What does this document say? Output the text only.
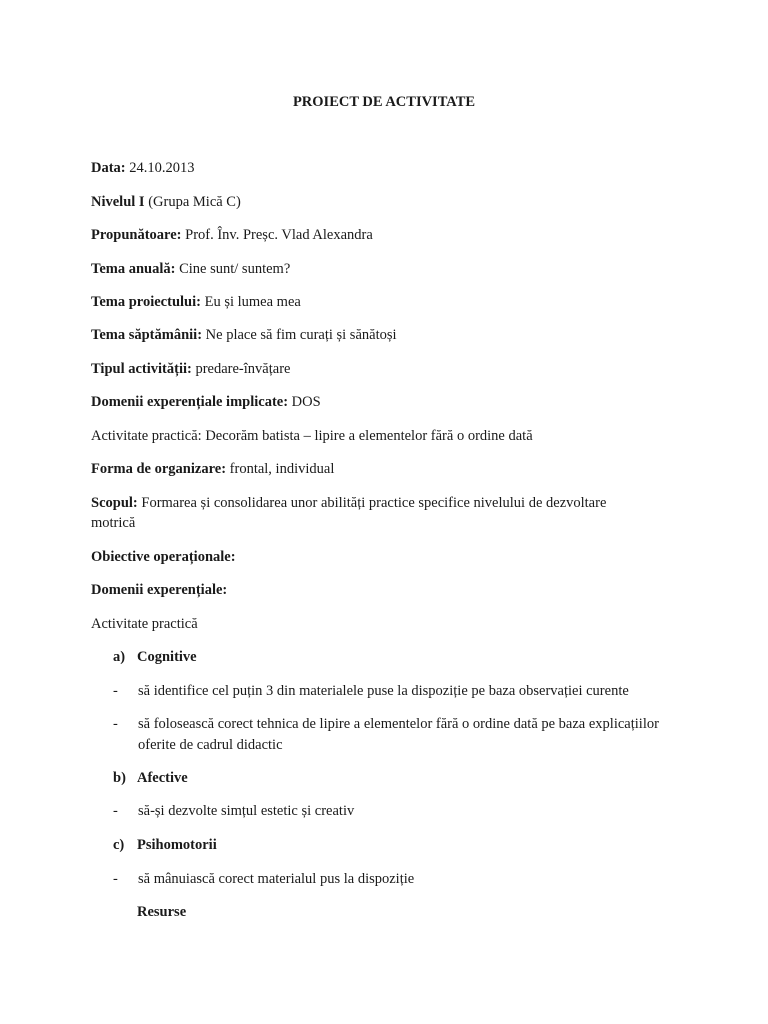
PROIECT DE ACTIVITATE
Data: 24.10.2013
Nivelul I (Grupa Mică C)
Propunătoare: Prof. Înv. Preșc. Vlad Alexandra
Tema anuală: Cine sunt/ suntem?
Tema proiectului: Eu și lumea mea
Tema săptămânii: Ne place să fim curați și sănătoși
Tipul activității: predare-învățare
Domenii experențiale implicate: DOS
Activitate practică: Decorăm batista – lipire a elementelor fără o ordine dată
Forma de organizare: frontal, individual
Scopul: Formarea și consolidarea unor abilități practice specifice nivelului de dezvoltare
motrică
Obiective operaționale:
Domenii experențiale:
Activitate practică
a) Cognitive
- să identifice cel puțin 3 din materialele puse la dispoziție pe baza observației curente
- să folosească corect tehnica de lipire a elementelor fără o ordine dată pe baza explicațiilor
oferite de cadrul didactic
b) Afective
- să-și dezvolte simțul estetic și creativ
c) Psihomotorii
- să mânuiască corect materialul pus la dispoziție
Resurse
